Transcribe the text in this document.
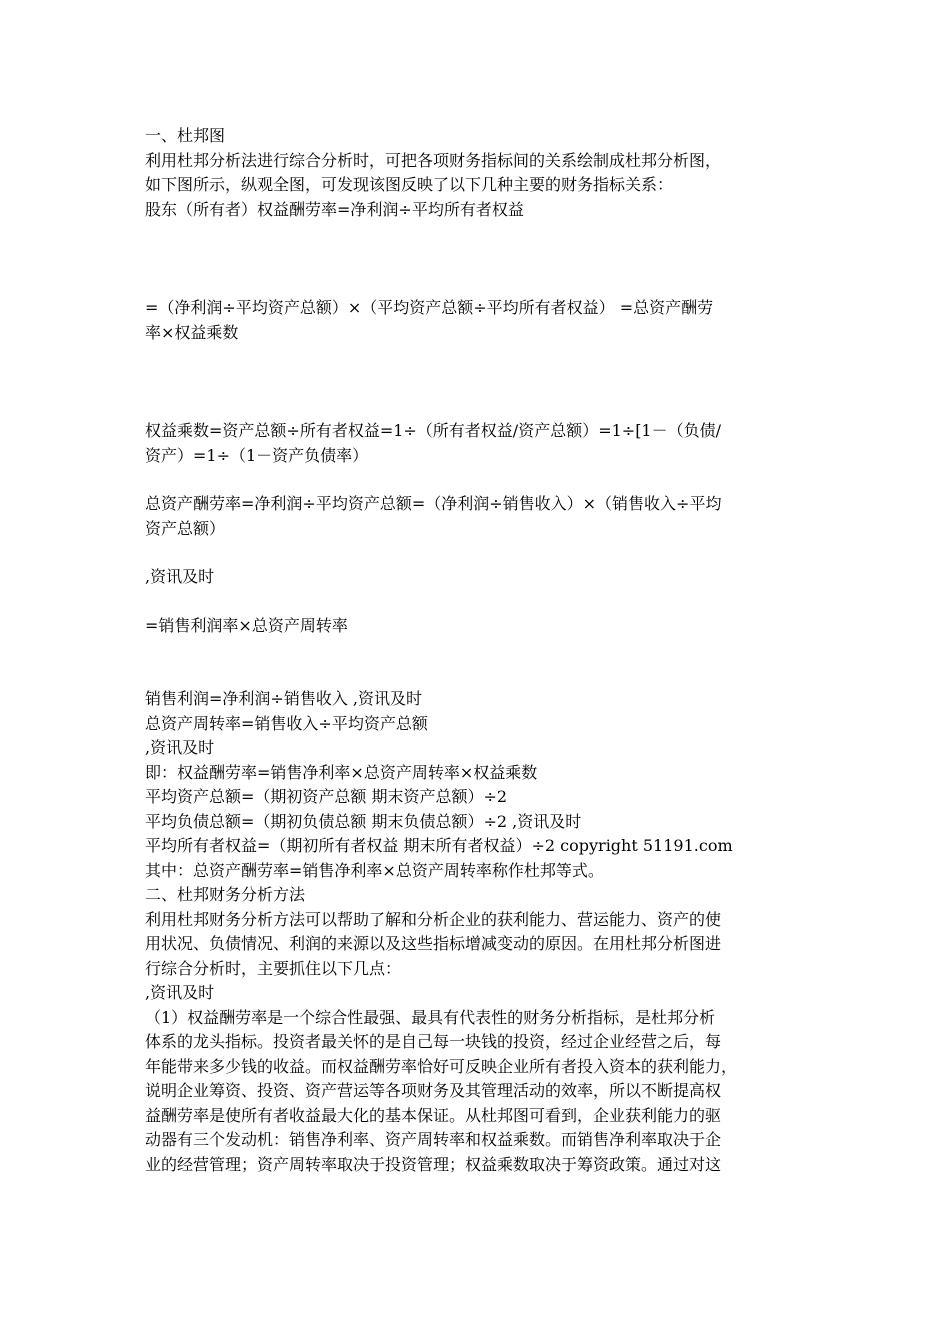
一、杜邦图

利用杜邦分析法进行综合分析时，可把各项财务指标间的关系绘制成杜邦分析图，

如下图所示，纵观全图，可发现该图反映了以下几种主要的财务指标关系：

股东（所有者）权益酬劳率=净利润÷平均所有者权益

=（净利润÷平均资产总额）×（平均资产总额÷平均所有者权益） =总资产酬劳

率×权益乘数

权益乘数=资产总额÷所有者权益=1÷（所有者权益/资产总额）=1÷[1－（负债/

资产）=1÷（1－资产负债率）

总资产酬劳率=净利润÷平均资产总额=（净利润÷销售收入）×（销售收入÷平均

资产总额）

,资讯及时

=销售利润率×总资产周转率

销售利润=净利润÷销售收入 ,资讯及时

总资产周转率=销售收入÷平均资产总额

,资讯及时

即：权益酬劳率=销售净利率×总资产周转率×权益乘数

平均资产总额=（期初资产总额 期末资产总额）÷2

平均负债总额=（期初负债总额 期末负债总额）÷2 ,资讯及时

平均所有者权益=（期初所有者权益 期末所有者权益）÷2 copyright 51191.com

其中：总资产酬劳率=销售净利率×总资产周转率称作杜邦等式。

二、杜邦财务分析方法

利用杜邦财务分析方法可以帮助了解和分析企业的获利能力、营运能力、资产的使

用状况、负债情况、利润的来源以及这些指标增减变动的原因。在用杜邦分析图进

行综合分析时，主要抓住以下几点：

,资讯及时

（1）权益酬劳率是一个综合性最强、最具有代表性的财务分析指标，是杜邦分析

体系的龙头指标。投资者最关怀的是自己每一块钱的投资，经过企业经营之后，每

年能带来多少钱的收益。而权益酬劳率恰好可反映企业所有者投入资本的获利能力，

说明企业筹资、投资、资产营运等各项财务及其管理活动的效率，所以不断提高权

益酬劳率是使所有者收益最大化的基本保证。从杜邦图可看到，企业获利能力的驱

动器有三个发动机：销售净利率、资产周转率和权益乘数。而销售净利率取决于企

业的经营管理；资产周转率取决于投资管理；权益乘数取决于筹资政策。通过对这
